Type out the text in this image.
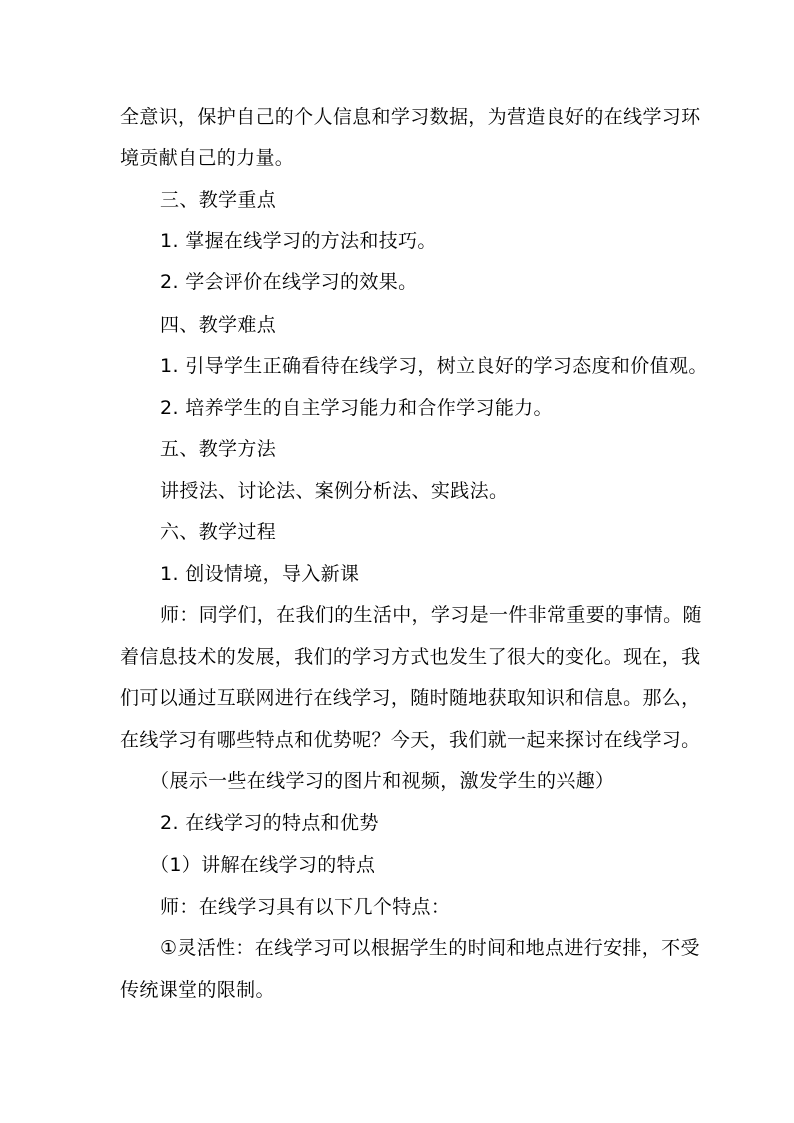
全意识，保护自己的个人信息和学习数据，为营造良好的在线学习环
境贡献自己的力量。
三、教学重点
1. 掌握在线学习的方法和技巧。
2. 学会评价在线学习的效果。
四、教学难点
1. 引导学生正确看待在线学习，树立良好的学习态度和价值观。
2. 培养学生的自主学习能力和合作学习能力。
五、教学方法
讲授法、讨论法、案例分析法、实践法。
六、教学过程
1. 创设情境，导入新课
师：同学们，在我们的生活中，学习是一件非常重要的事情。随
着信息技术的发展，我们的学习方式也发生了很大的变化。现在，我
们可以通过互联网进行在线学习，随时随地获取知识和信息。那么，
在线学习有哪些特点和优势呢？今天，我们就一起来探讨在线学习。
（展示一些在线学习的图片和视频，激发学生的兴趣）
2. 在线学习的特点和优势
（1）讲解在线学习的特点
师：在线学习具有以下几个特点：
①灵活性：在线学习可以根据学生的时间和地点进行安排，不受
传统课堂的限制。
